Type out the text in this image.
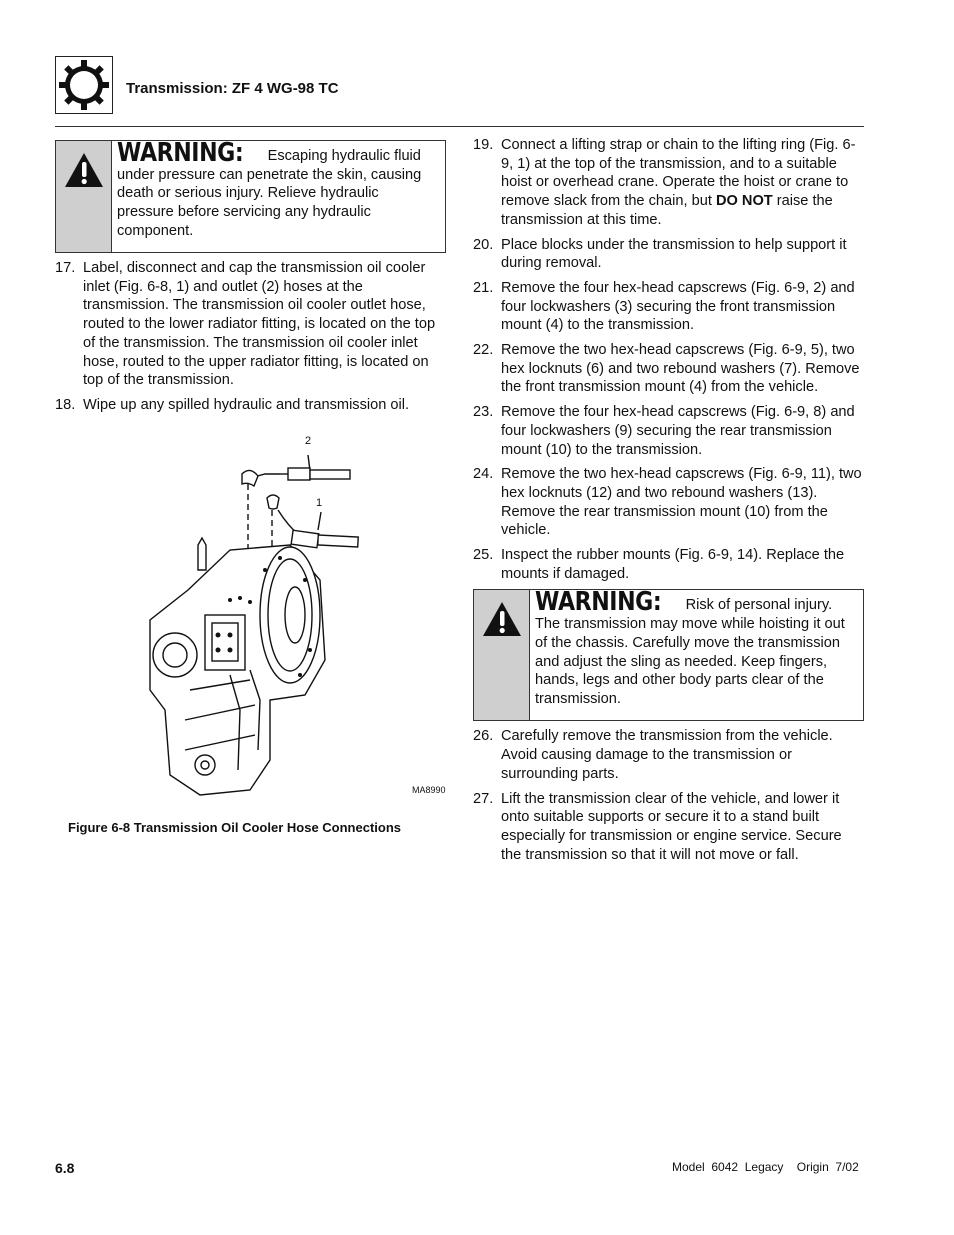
Transmission: ZF 4 WG-98 TC
WARNING: Escaping hydraulic fluid under pressure can penetrate the skin, causing death or serious injury. Relieve hydraulic pressure before servicing any hydraulic component.
17. Label, disconnect and cap the transmission oil cooler inlet (Fig. 6-8, 1) and outlet (2) hoses at the transmission. The transmission oil cooler outlet hose, routed to the lower radiator fitting, is located on the top of the transmission. The transmission oil cooler inlet hose, routed to the upper radiator fitting, is located on top of the transmission.
18. Wipe up any spilled hydraulic and transmission oil.
2
1
MA8990
Figure 6-8 Transmission Oil Cooler Hose Connections
19. Connect a lifting strap or chain to the lifting ring (Fig. 6-9, 1) at the top of the transmission, and to a suitable hoist or overhead crane. Operate the hoist or crane to remove slack from the chain, but DO NOT raise the transmission at this time.
20. Place blocks under the transmission to help support it during removal.
21. Remove the four hex-head capscrews (Fig. 6-9, 2) and four lockwashers (3) securing the front transmission mount (4) to the transmission.
22. Remove the two hex-head capscrews (Fig. 6-9, 5), two hex locknuts (6) and two rebound washers (7). Remove the front transmission mount (4) from the vehicle.
23. Remove the four hex-head capscrews (Fig. 6-9, 8) and four lockwashers (9) securing the rear transmission mount (10) to the transmission.
24. Remove the two hex-head capscrews (Fig. 6-9, 11), two hex locknuts (12) and two rebound washers (13). Remove the rear transmission mount (10) from the vehicle.
25. Inspect the rubber mounts (Fig. 6-9, 14). Replace the mounts if damaged.
WARNING: Risk of personal injury. The transmission may move while hoisting it out of the chassis. Carefully move the transmission and adjust the sling as needed. Keep fingers, hands, legs and other body parts clear of the transmission.
26. Carefully remove the transmission from the vehicle. Avoid causing damage to the transmission or surrounding parts.
27. Lift the transmission clear of the vehicle, and lower it onto suitable supports or secure it to a stand built especially for transmission or engine service. Secure the transmission so that it will not move or fall.
6.8	Model  6042  Legacy    Origin  7/02
